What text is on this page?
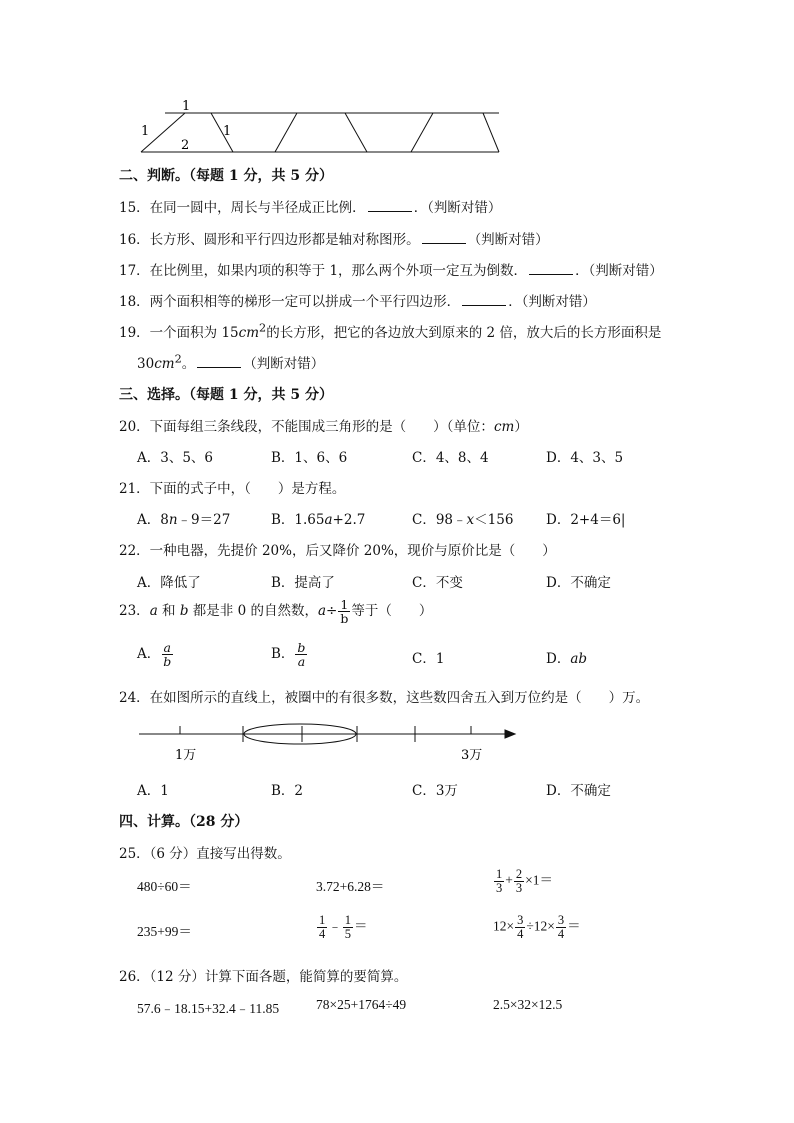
1
1
2
1
二、判断。（每题 1 分，共 5 分）
15．在同一圆中，周长与半径成正比例．	．（判断对错）
16．长方形、圆形和平行四边形都是轴对称图形。	（判断对错）
17．在比例里，如果内项的积等于 1，那么两个外项一定互为倒数．	．（判断对错）
18．两个面积相等的梯形一定可以拼成一个平行四边形．	．（判断对错）
19．一个面积为 $15cm^2$的长方形，把它的各边放大到原来的 2 倍，放大后的长方形面积是
$30cm^2$。	（判断对错）
三、选择。（每题 1 分，共 5 分）
20．下面每组三条线段，不能围成三角形的是（　　）（单位：cm）
A．3、5、6	B．1、6、6	C．4、8、4	D．4、3、5
21．下面的式子中，（　　）是方程。
A．8n﹣9＝27	B．1.65a+2.7	C．98﹣x＜156 D．2+4＝6|
22．一种电器，先提价 20%，后又降价 20%，现价与原价比是（　　）
A．降低了	B．提高了	C．不变	D．不确定
23．a 和 b 都是非 0 的自然数，$a\div \frac{1}{b}$ 等于（　　）
A． $\frac{a}{b}$	B． $\frac{b}{a}$	C．1	D．ab
24．在如图所示的直线上，被圈中的有很多数，这些数四舍五入到万位约是（　　）万。
1万	3万
A．1	B．2	C．3万	D．不确定
四、计算。（28 分）
25．（6 分）直接写出得数。
480÷60＝	3.72+6.28＝	$\frac{1}{3} + \frac{2}{3} \times 1=$
235+99＝	$\frac{1}{4}$ ﹣ $\frac{1}{5}$ ＝	$12\times \frac{3}{4} \div 12\times \frac{3}{4}$ ＝
26．（12 分）计算下面各题，能简算的要简算。
57.6﹣18.15+32.4﹣11.85	78×25+1764÷49	2.5×32×12.5
